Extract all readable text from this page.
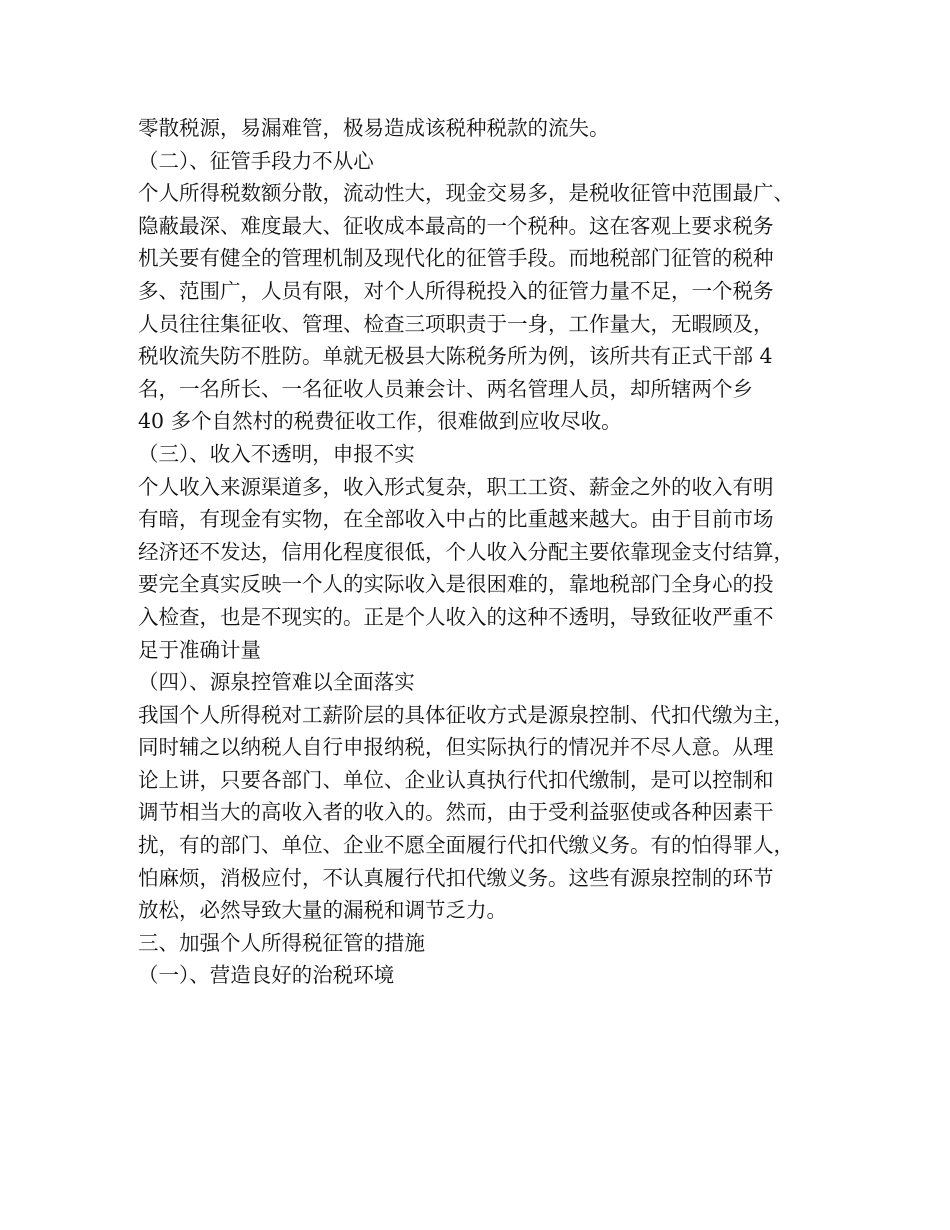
零散税源，易漏难管，极易造成该税种税款的流失。
（二）、征管手段力不从心
个人所得税数额分散，流动性大，现金交易多，是税收征管中范围最广、
隐蔽最深、难度最大、征收成本最高的一个税种。这在客观上要求税务
机关要有健全的管理机制及现代化的征管手段。而地税部门征管的税种
多、范围广，人员有限，对个人所得税投入的征管力量不足，一个税务
人员往往集征收、管理、检查三项职责于一身，工作量大，无暇顾及，
税收流失防不胜防。单就无极县大陈税务所为例，该所共有正式干部 4
名，一名所长、一名征收人员兼会计、两名管理人员，却所辖两个乡
40 多个自然村的税费征收工作，很难做到应收尽收。
（三）、收入不透明，申报不实
个人收入来源渠道多，收入形式复杂，职工工资、薪金之外的收入有明
有暗，有现金有实物，在全部收入中占的比重越来越大。由于目前市场
经济还不发达，信用化程度很低，个人收入分配主要依靠现金支付结算，
要完全真实反映一个人的实际收入是很困难的，靠地税部门全身心的投
入检查，也是不现实的。正是个人收入的这种不透明，导致征收严重不
足于准确计量
（四）、源泉控管难以全面落实
我国个人所得税对工薪阶层的具体征收方式是源泉控制、代扣代缴为主，
同时辅之以纳税人自行申报纳税，但实际执行的情况并不尽人意。从理
论上讲，只要各部门、单位、企业认真执行代扣代缴制，是可以控制和
调节相当大的高收入者的收入的。然而，由于受利益驱使或各种因素干
扰，有的部门、单位、企业不愿全面履行代扣代缴义务。有的怕得罪人，
怕麻烦，消极应付，不认真履行代扣代缴义务。这些有源泉控制的环节
放松，必然导致大量的漏税和调节乏力。
三、加强个人所得税征管的措施
（一）、营造良好的治税环境
